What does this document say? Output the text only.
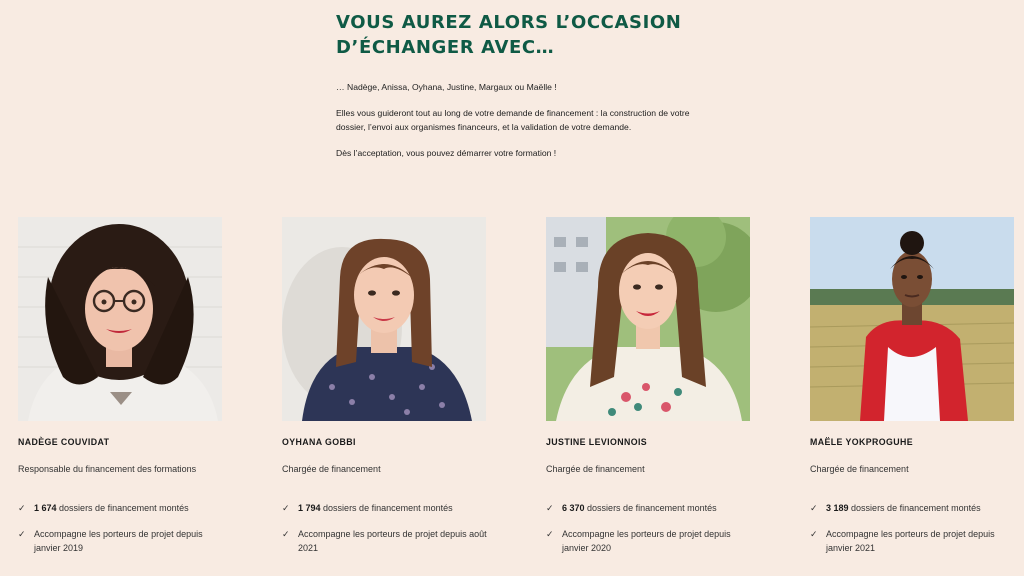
VOUS AUREZ ALORS L’OCCASION
D’ÉCHANGER AVEC…

… Nadège, Anissa, Oyhana, Justine, Margaux ou Maëlle !

Elles vous guideront tout au long de votre demande de financement : la construction de votre dossier, l’envoi aux organismes financeurs, et la validation de votre demande.

Dès l’acceptation, vous pouvez démarrer votre formation !

NADÈGE COUVIDAT
Responsable du financement des formations
✓ 1 674 dossiers de financement montés
✓ Accompagne les porteurs de projet depuis janvier 2019
OYHANA GOBBI
Chargée de financement
✓ 1 794 dossiers de financement montés
✓ Accompagne les porteurs de projet depuis août 2021
JUSTINE LEVIONNOIS
Chargée de financement
✓ 6 370 dossiers de financement montés
✓ Accompagne les porteurs de projet depuis janvier 2020
MAËLE YOKPROGUHE
Chargée de financement
✓ 3 189 dossiers de financement montés
✓ Accompagne les porteurs de projet depuis janvier 2021
